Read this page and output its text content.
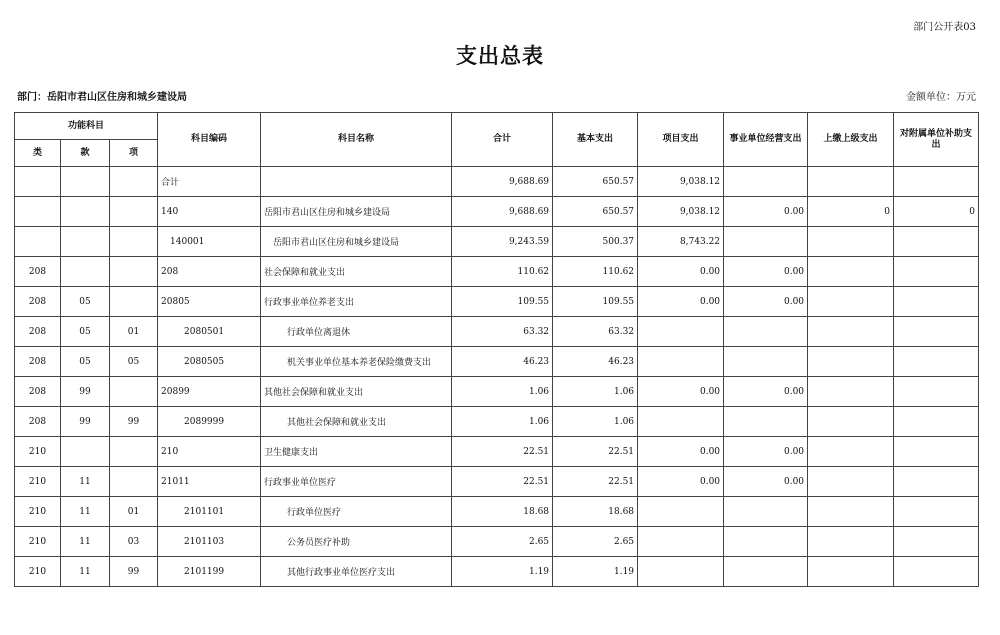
部门公开表03
支出总表
部门：岳阳市君山区住房和城乡建设局	金额单位：万元
功能科目			科目编码	科目名称	合计	基本支出	项目支出	事业单位经营支出	上缴上级支出	对附属单位补助支出
类	款	项								
			合计		9,688.69	650.57	9,038.12			
			140	岳阳市君山区住房和城乡建设局	9,688.69	650.57	9,038.12	0.00	0	0
			140001	岳阳市君山区住房和城乡建设局	9,243.59	500.37	8,743.22			
208			208	社会保障和就业支出	110.62	110.62	0.00	0.00		
208	05		20805	行政事业单位养老支出	109.55	109.55	0.00	0.00		
208	05	01	2080501	行政单位离退休	63.32	63.32				
208	05	05	2080505	机关事业单位基本养老保险缴费支出	46.23	46.23				
208	99		20899	其他社会保障和就业支出	1.06	1.06	0.00	0.00		
208	99	99	2089999	其他社会保障和就业支出	1.06	1.06				
210			210	卫生健康支出	22.51	22.51	0.00	0.00		
210	11		21011	行政事业单位医疗	22.51	22.51	0.00	0.00		
210	11	01	2101101	行政单位医疗	18.68	18.68				
210	11	03	2101103	公务员医疗补助	2.65	2.65				
210	11	99	2101199	其他行政事业单位医疗支出	1.19	1.19				
